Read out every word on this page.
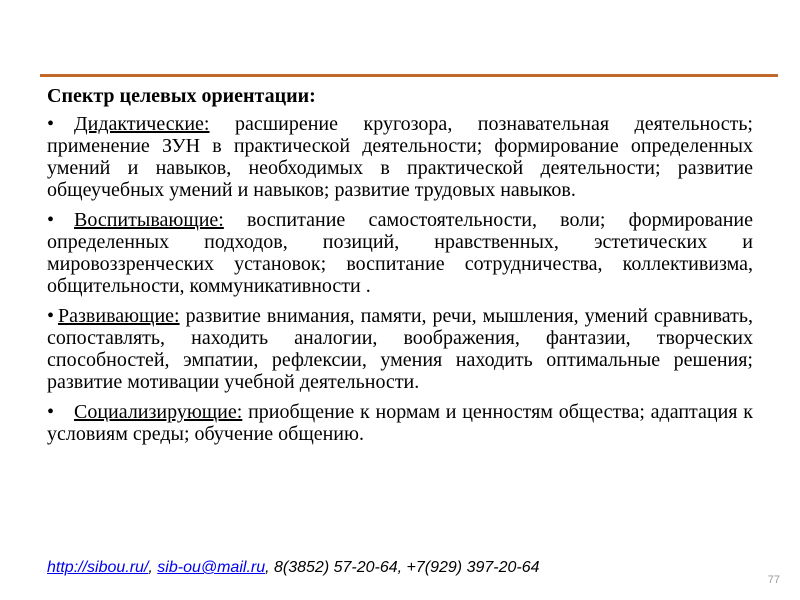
Спектр целевых ориентации:
• Дидактические: расширение кругозора, познавательная деятельность; применение ЗУН в практической деятельности; формирование определенных умений и навыков, необходимых в практической деятельности; развитие общеучебных умений и навыков; развитие трудовых навыков.
• Воспитывающие: воспитание самостоятельности, воли; формирование определенных подходов, позиций, нравственных, эстетических и мировоззренческих установок; воспитание сотрудничества, коллективизма, общительности, коммуникативности .
• Развивающие: развитие внимания, памяти, речи, мышления, умений сравнивать, сопоставлять, находить аналогии, воображения, фантазии, творческих способностей, эмпатии, рефлексии, умения находить оптимальные решения; развитие мотивации учебной деятельности.
• Социализирующие: приобщение к нормам и ценностям общества; адаптация к условиям среды; обучение общению.
http://sibou.ru/, sib-ou@mail.ru, 8(3852) 57-20-64, +7(929) 397-20-64
77
